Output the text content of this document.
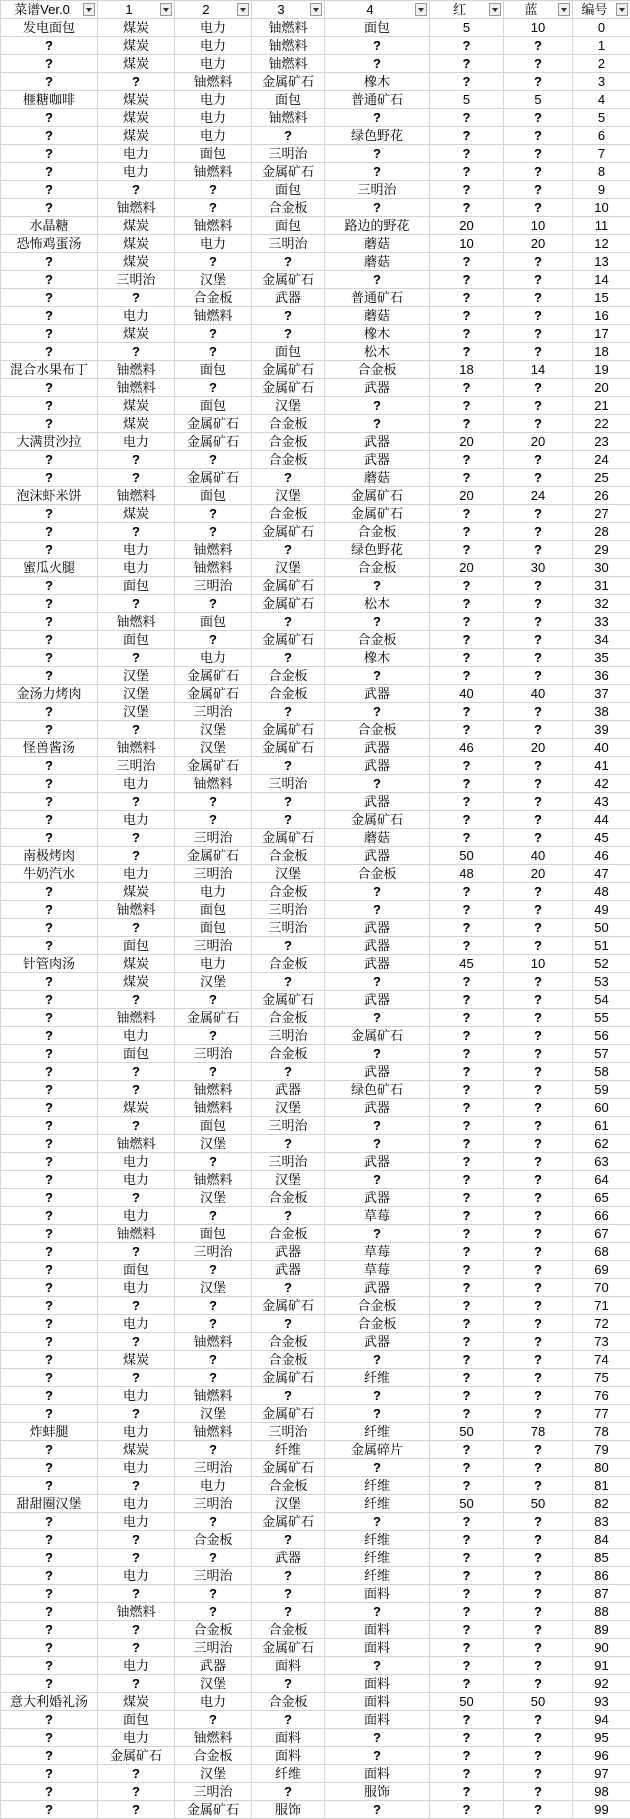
菜谱Ver.0	1	2	3	4	红	蓝	编号

发电面包	煤炭	电力	铀燃料	面包	5	10	0
?	煤炭	电力	铀燃料	?	?	?	1
?	煤炭	电力	铀燃料	?	?	?	2
?	?	铀燃料	金属矿石	橡木	?	?	3
榧糖咖啡	煤炭	电力	面包	普通矿石	5	5	4
?	煤炭	电力	铀燃料	?	?	?	5
?	煤炭	电力	?	绿色野花	?	?	6
?	电力	面包	三明治	?	?	?	7
?	电力	铀燃料	金属矿石	?	?	?	8
?	?	?	面包	三明治	?	?	9
?	铀燃料	?	合金板	?	?	?	10
水晶糖	煤炭	铀燃料	面包	路边的野花	20	10	11
恐怖鸡蛋汤	煤炭	电力	三明治	蘑菇	10	20	12
?	煤炭	?	?	蘑菇	?	?	13
?	三明治	汉堡	金属矿石	?	?	?	14
?	?	合金板	武器	普通矿石	?	?	15
?	电力	铀燃料	?	蘑菇	?	?	16
?	煤炭	?	?	橡木	?	?	17
?	?	?	面包	松木	?	?	18
混合水果布丁	铀燃料	面包	金属矿石	合金板	18	14	19
?	铀燃料	?	金属矿石	武器	?	?	20
?	煤炭	面包	汉堡	?	?	?	21
?	煤炭	金属矿石	合金板	?	?	?	22
大满贯沙拉	电力	金属矿石	合金板	武器	20	20	23
?	?	?	合金板	武器	?	?	24
?	?	金属矿石	?	蘑菇	?	?	25
泡沫虾米饼	铀燃料	面包	汉堡	金属矿石	20	24	26
?	煤炭	?	合金板	金属矿石	?	?	27
?	?	?	金属矿石	合金板	?	?	28
?	电力	铀燃料	?	绿色野花	?	?	29
蜜瓜火腿	电力	铀燃料	汉堡	合金板	20	30	30
?	面包	三明治	金属矿石	?	?	?	31
?	?	?	金属矿石	松木	?	?	32
?	铀燃料	面包	?	?	?	?	33
?	面包	?	金属矿石	合金板	?	?	34
?	?	电力	?	橡木	?	?	35
?	汉堡	金属矿石	合金板	?	?	?	36
金汤力烤肉	汉堡	金属矿石	合金板	武器	40	40	37
?	汉堡	三明治	?	?	?	?	38
?	?	汉堡	金属矿石	合金板	?	?	39
怪兽酱汤	铀燃料	汉堡	金属矿石	武器	46	20	40
?	三明治	金属矿石	?	武器	?	?	41
?	电力	铀燃料	三明治	?	?	?	42
?	?	?	?	武器	?	?	43
?	电力	?	?	金属矿石	?	?	44
?	?	三明治	金属矿石	蘑菇	?	?	45
南极烤肉	?	金属矿石	合金板	武器	50	40	46
牛奶汽水	电力	三明治	汉堡	合金板	48	20	47
?	煤炭	电力	合金板	?	?	?	48
?	铀燃料	面包	三明治	?	?	?	49
?	?	面包	三明治	武器	?	?	50
?	面包	三明治	?	武器	?	?	51
针管肉汤	煤炭	电力	合金板	武器	45	10	52
?	煤炭	汉堡	?	?	?	?	53
?	?	?	金属矿石	武器	?	?	54
?	铀燃料	金属矿石	合金板	?	?	?	55
?	电力	?	三明治	金属矿石	?	?	56
?	面包	三明治	合金板	?	?	?	57
?	?	?	?	武器	?	?	58
?	?	铀燃料	武器	绿色矿石	?	?	59
?	煤炭	铀燃料	汉堡	武器	?	?	60
?	?	面包	三明治	?	?	?	61
?	铀燃料	汉堡	?	?	?	?	62
?	电力	?	三明治	武器	?	?	63
?	电力	铀燃料	汉堡	?	?	?	64
?	?	汉堡	合金板	武器	?	?	65
?	电力	?	?	草莓	?	?	66
?	铀燃料	面包	合金板	?	?	?	67
?	?	三明治	武器	草莓	?	?	68
?	面包	?	武器	草莓	?	?	69
?	电力	汉堡	?	武器	?	?	70
?	?	?	金属矿石	合金板	?	?	71
?	电力	?	?	合金板	?	?	72
?	?	铀燃料	合金板	武器	?	?	73
?	煤炭	?	合金板	?	?	?	74
?	?	?	金属矿石	纤维	?	?	75
?	电力	铀燃料	?	?	?	?	76
?	?	汉堡	金属矿石	?	?	?	77
炸蚌腿	电力	铀燃料	三明治	纤维	50	78	78
?	煤炭	?	纤维	金属碎片	?	?	79
?	电力	三明治	金属矿石	?	?	?	80
?	?	电力	合金板	纤维	?	?	81
甜甜圈汉堡	电力	三明治	汉堡	纤维	50	50	82
?	电力	?	金属矿石	?	?	?	83
?	?	合金板	?	纤维	?	?	84
?	?	?	武器	纤维	?	?	85
?	电力	三明治	?	纤维	?	?	86
?	?	?	?	面料	?	?	87
?	铀燃料	?	?	?	?	?	88
?	?	合金板	合金板	面料	?	?	89
?	?	三明治	金属矿石	面料	?	?	90
?	电力	武器	面料	?	?	?	91
?	?	汉堡	?	面料	?	?	92
意大利婚礼汤	煤炭	电力	合金板	面料	50	50	93
?	面包	?	?	面料	?	?	94
?	电力	铀燃料	面料	?	?	?	95
?	金属矿石	合金板	面料	?	?	?	96
?	?	汉堡	纤维	面料	?	?	97
?	?	三明治	?	服饰	?	?	98
?	?	金属矿石	服饰	?	?	?	99
